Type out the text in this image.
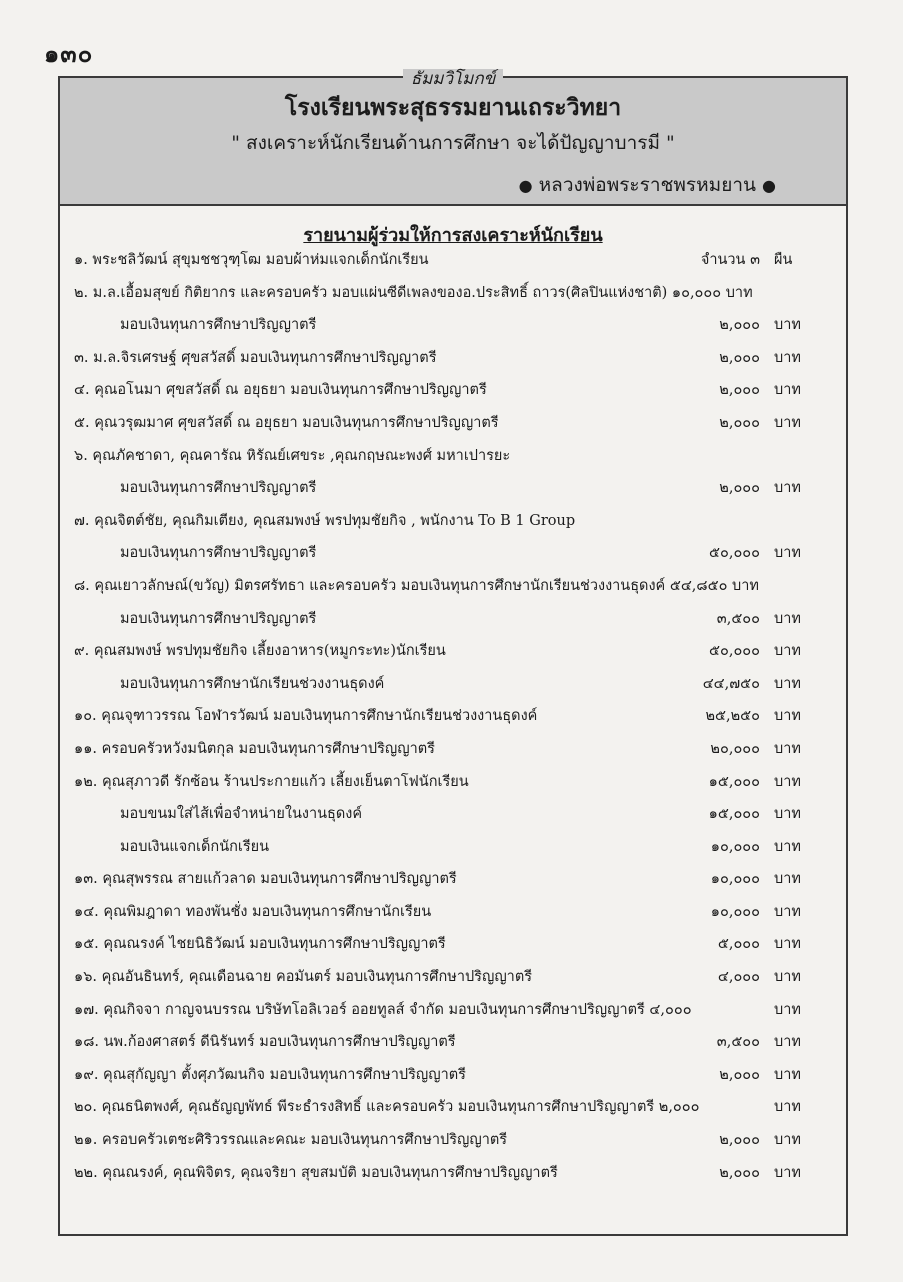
๑๓๐
ธัมมวิโมกข์
โรงเรียนพระสุธรรมยานเถระวิทยา
" สงเคราะห์นักเรียนด้านการศึกษา จะได้ปัญญาบารมี "
● หลวงพ่อพระราชพรหมยาน ●
รายนามผู้ร่วมให้การสงเคราะห์นักเรียน
๑. พระชลิวัฒน์ สุขุมชชวุฑฺโฒ มอบผ้าห่มแจกเด็กนักเรียน	จำนวน ๓ ผืน
๒. ม.ล.เอื้อมสุขย์ กิติยากร และครอบครัว มอบแผ่นซีดีเพลงของอ.ประสิทธิ์ ถาวร(ศิลปินแห่งชาติ) ๑๐,๐๐๐ บาท
มอบเงินทุนการศึกษาปริญญาตรี	๒,๐๐๐ บาท
๓. ม.ล.จิรเศรษฐ์ ศุขสวัสดิ์ มอบเงินทุนการศึกษาปริญญาตรี	๒,๐๐๐ บาท
๔. คุณอโนมา ศุขสวัสดิ์ ณ อยุธยา มอบเงินทุนการศึกษาปริญญาตรี	๒,๐๐๐ บาท
๕. คุณวรุฒมาศ ศุขสวัสดิ์ ณ อยุธยา มอบเงินทุนการศึกษาปริญญาตรี	๒,๐๐๐ บาท
๖. คุณภัคชาดา, คุณคารัณ หิรัณย์เศขระ ,คุณกฤษณะพงศ์ มหาเปารยะ
มอบเงินทุนการศึกษาปริญญาตรี	๒,๐๐๐ บาท
๗. คุณจิตต์ชัย, คุณกิมเตียง, คุณสมพงษ์ พรปทุมชัยกิจ , พนักงาน To B 1 Group
มอบเงินทุนการศึกษาปริญญาตรี	๕๐,๐๐๐ บาท
๘. คุณเยาวลักษณ์(ขวัญ) มิตรศรัทธา และครอบครัว มอบเงินทุนการศึกษานักเรียนช่วงงานธุดงค์ ๕๔,๘๕๐ บาท
มอบเงินทุนการศึกษาปริญญาตรี	๓,๕๐๐ บาท
๙. คุณสมพงษ์ พรปทุมชัยกิจ เลี้ยงอาหาร(หมูกระทะ)นักเรียน	๕๐,๐๐๐ บาท
มอบเงินทุนการศึกษานักเรียนช่วงงานธุดงค์	๔๔,๗๕๐ บาท
๑๐. คุณจุฑาวรรณ โอฬารวัฒน์ มอบเงินทุนการศึกษานักเรียนช่วงงานธุดงค์	๒๕,๒๕๐ บาท
๑๑. ครอบครัวหวังมนิตกุล มอบเงินทุนการศึกษาปริญญาตรี	๒๐,๐๐๐ บาท
๑๒. คุณสุภาวดี รักซ้อน ร้านประกายแก้ว เลี้ยงเย็นตาโฟนักเรียน	๑๕,๐๐๐ บาท
มอบขนมใส่ไส้เพื่อจำหน่ายในงานธุดงค์	๑๕,๐๐๐ บาท
มอบเงินแจกเด็กนักเรียน	๑๐,๐๐๐ บาท
๑๓. คุณสุพรรณ สายแก้วลาด มอบเงินทุนการศึกษาปริญญาตรี	๑๐,๐๐๐ บาท
๑๔. คุณพิมฎาดา ทองพันชั่ง มอบเงินทุนการศึกษานักเรียน	๑๐,๐๐๐ บาท
๑๕. คุณณรงค์ ไชยนิธิวัฒน์ มอบเงินทุนการศึกษาปริญญาตรี	๕,๐๐๐ บาท
๑๖. คุณอันธินทร์, คุณเดือนฉาย คอมันตร์ มอบเงินทุนการศึกษาปริญญาตรี	๔,๐๐๐ บาท
๑๗. คุณกิจจา กาญจนบรรณ บริษัทโอลิเวอร์ ออยทูลส์ จำกัด มอบเงินทุนการศึกษาปริญญาตรี ๔,๐๐๐	บาท
๑๘. นพ.ก้องศาสตร์ ดีนิรันทร์ มอบเงินทุนการศึกษาปริญญาตรี	๓,๕๐๐ บาท
๑๙. คุณสุกัญญา ตั้งศุภวัฒนกิจ มอบเงินทุนการศึกษาปริญญาตรี	๒,๐๐๐ บาท
๒๐. คุณธนิตพงศ์, คุณธัญญพัทธ์ พีระธำรงสิทธิ์ และครอบครัว มอบเงินทุนการศึกษาปริญญาตรี ๒,๐๐๐	บาท
๒๑. ครอบครัวเตชะศิริวรรณและคณะ มอบเงินทุนการศึกษาปริญญาตรี	๒,๐๐๐ บาท
๒๒. คุณณรงค์, คุณพิจิตร, คุณจริยา สุขสมบัติ มอบเงินทุนการศึกษาปริญญาตรี	๒,๐๐๐ บาท
